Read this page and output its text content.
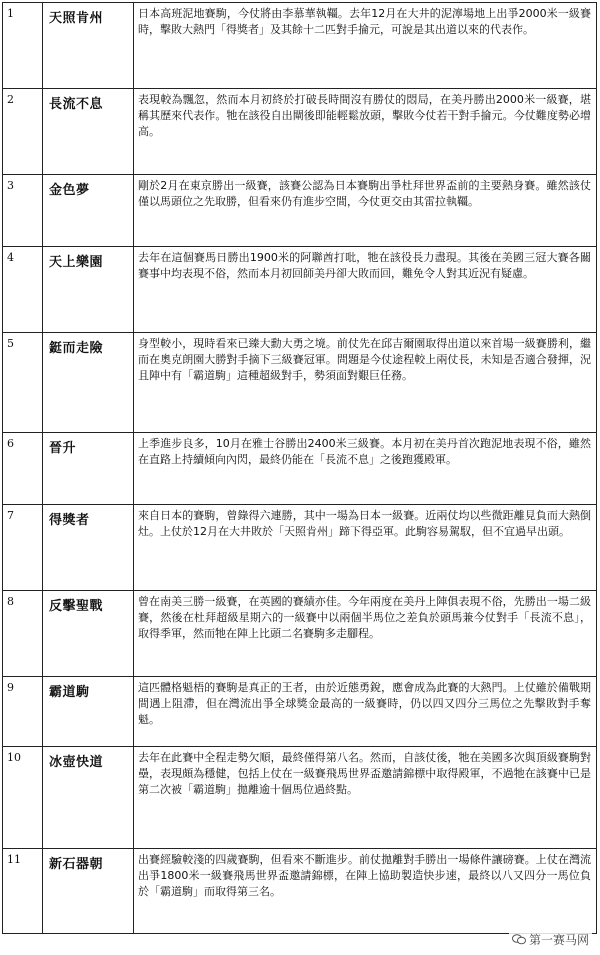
1	天照肯州	日本高班泥地賽駒，今仗將由李慕華執韁。去年12月在大井的泥濘場地上出爭2000米一級賽時，擊敗大熱門「得獎者」及其餘十二匹對手掄元，可說是其出道以來的代表作。
2	長流不息	表現較為飄忽，然而本月初終於打破長時間沒有勝仗的悶局，在美丹勝出2000米一級賽，堪稱其歷來代表作。牠在該役自出閘後即能輕鬆放頭，擊敗今仗若干對手掄元。今仗難度勢必增高。
3	金色夢	剛於2月在東京勝出一級賽，該賽公認為日本賽駒出爭杜拜世界盃前的主要熱身賽。雖然該仗僅以馬頭位之先取勝，但看來仍有進步空間，今仗更交由其雷拉執韁。
4	天上樂園	去年在這個賽馬日勝出1900米的阿聯酋打吡，牠在該役長力盡現。其後在美國三冠大賽各關賽事中均表現不俗，然而本月初回師美丹卻大敗而回，難免令人對其近況有疑慮。
5	鋌而走險	身型較小，現時看來已臻大勳大勇之境。前仗先在邱吉爾園取得出道以來首場一級賽勝利，繼而在奧克朗園大勝對手摘下三級賽冠軍。問題是今仗途程較上兩仗長，未知是否適合發揮，況且陣中有「霸道駒」這種超級對手，勢須面對艱巨任務。
6	晉升	上季進步良多，10月在雅士谷勝出2400米三級賽。本月初在美丹首次跑泥地表現不俗，雖然在直路上持續傾向內閃，最終仍能在「長流不息」之後跑獲殿軍。
7	得獎者	來自日本的賽駒，曾錄得六連勝，其中一場為日本一級賽。近兩仗均以些微距離見負而大熱倒灶。上仗於12月在大井敗於「天照肯州」蹄下得亞軍。此駒容易駕馭，但不宜過早出頭。
8	反擊聖戰	曾在南美三勝一級賽，在英國的賽績亦佳。今年兩度在美丹上陣俱表現不俗，先勝出一場二級賽，然後在杜拜超級星期六的一級賽中以兩個半馬位之差負於頭馬兼今仗對手「長流不息」，取得季軍，然而牠在陣上比頭二名賽駒多走腳程。
9	霸道駒	這匹體格魁梧的賽駒是真正的王者，由於近態勇銳，應會成為此賽的大熱門。上仗雖於備戰期間遇上阻滯，但在灣流出爭全球獎金最高的一級賽時，仍以四又四分三馬位之先擊敗對手奪魁。
10	冰壺快道	去年在此賽中全程走勢欠順，最終僅得第八名。然而，自該仗後，牠在美國多次與頂級賽駒對壘，表現頗為穩健，包括上仗在一級賽飛馬世界盃邀請錦標中取得殿軍，不過牠在該賽中已是第二次被「霸道駒」拋離逾十個馬位過終點。
11	新石器朝	出賽經驗較淺的四歲賽駒，但看來不斷進步。前仗拋離對手勝出一場條件讓磅賽。上仗在灣流出爭1800米一級賽飛馬世界盃邀請錦標，在陣上協助製造快步速，最終以八又四分一馬位負於「霸道駒」而取得第三名。
第一赛马网
